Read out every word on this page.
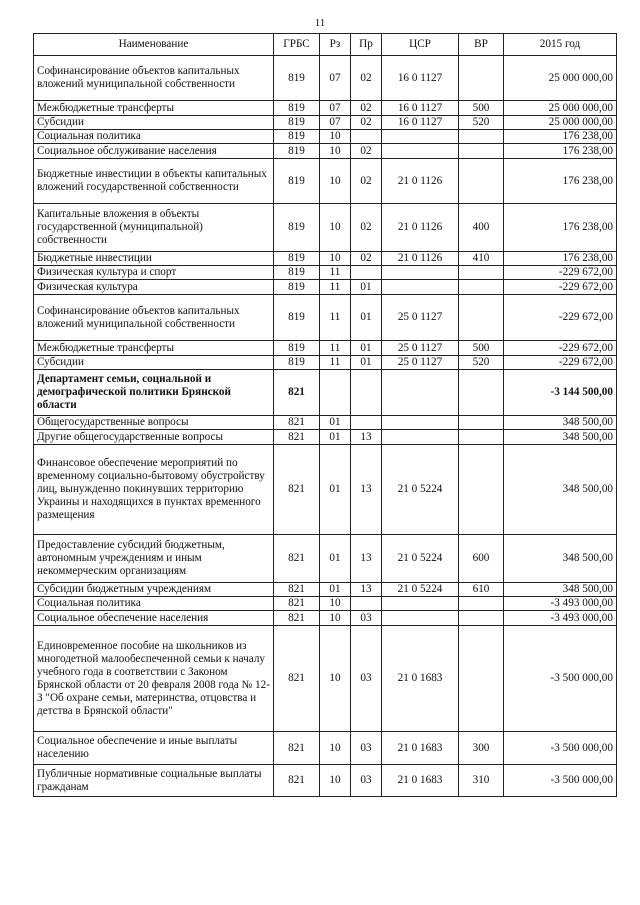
11
Наименование	ГРБС	Рз	Пр	ЦСР	ВР	2015 год
Софинансирование объектов капитальных вложений муниципальной собственности	819	07	02	16 0 1127		25 000 000,00
Межбюджетные трансферты	819	07	02	16 0 1127	500	25 000 000,00
Субсидии	819	07	02	16 0 1127	520	25 000 000,00
Социальная политика	819	10				176 238,00
Социальное обслуживание населения	819	10	02			176 238,00
Бюджетные инвестиции в объекты капитальных вложений государственной собственности	819	10	02	21 0 1126		176 238,00
Капитальные вложения в объекты государственной (муниципальной) собственности	819	10	02	21 0 1126	400	176 238,00
Бюджетные инвестиции	819	10	02	21 0 1126	410	176 238,00
Физическая культура и спорт	819	11				-229 672,00
Физическая культура	819	11	01			-229 672,00
Софинансирование объектов капитальных вложений муниципальной собственности	819	11	01	25 0 1127		-229 672,00
Межбюджетные трансферты	819	11	01	25 0 1127	500	-229 672,00
Субсидии	819	11	01	25 0 1127	520	-229 672,00
Департамент семьи, социальной и демографической политики Брянской области	821					-3 144 500,00
Общегосударственные вопросы	821	01				348 500,00
Другие общегосударственные вопросы	821	01	13			348 500,00
Финансовое обеспечение мероприятий по временному социально-бытовому обустройству лиц, вынужденно покинувших территорию Украины и находящихся в пунктах временного размещения	821	01	13	21 0 5224		348 500,00
Предоставление субсидий бюджетным, автономным учреждениям и иным некоммерческим организациям	821	01	13	21 0 5224	600	348 500,00
Субсидии бюджетным учреждениям	821	01	13	21 0 5224	610	348 500,00
Социальная политика	821	10				-3 493 000,00
Социальное обеспечение населения	821	10	03			-3 493 000,00
Единовременное пособие на школьников из многодетной малообеспеченной семьи к началу учебного года в соответствии с Законом Брянской области от 20 февраля 2008 года № 12-З "Об охране семьи, материнства, отцовства и детства в Брянской области"	821	10	03	21 0 1683		-3 500 000,00
Социальное обеспечение и иные выплаты населению	821	10	03	21 0 1683	300	-3 500 000,00
Публичные нормативные социальные выплаты гражданам	821	10	03	21 0 1683	310	-3 500 000,00
